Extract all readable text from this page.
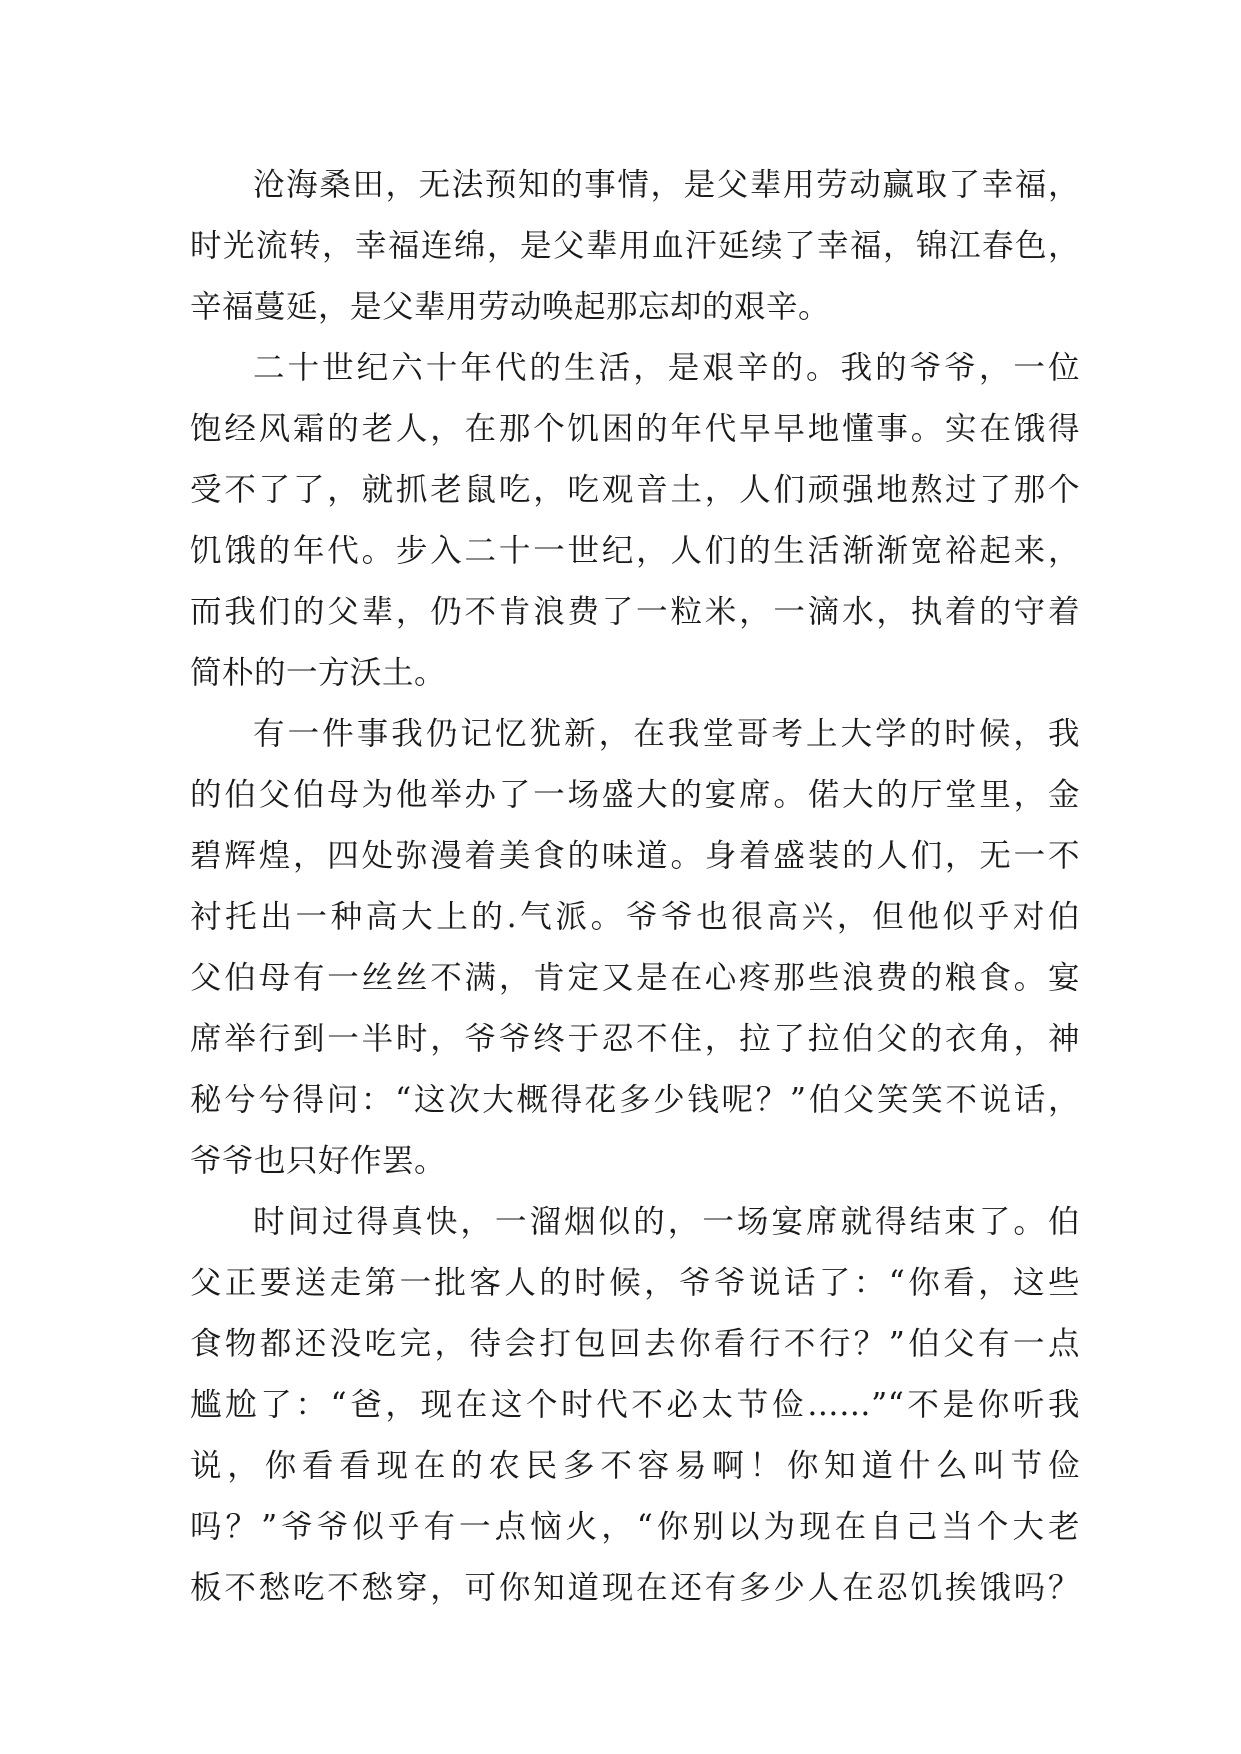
沧海桑田，无法预知的事情，是父辈用劳动赢取了幸福，
时光流转，幸福连绵，是父辈用血汗延续了幸福，锦江春色，
辛福蔓延，是父辈用劳动唤起那忘却的艰辛。
二十世纪六十年代的生活，是艰辛的。我的爷爷，一位
饱经风霜的老人，在那个饥困的年代早早地懂事。实在饿得
受不了了，就抓老鼠吃，吃观音土，人们顽强地熬过了那个
饥饿的年代。步入二十一世纪，人们的生活渐渐宽裕起来，
而我们的父辈，仍不肯浪费了一粒米，一滴水，执着的守着
简朴的一方沃土。
有一件事我仍记忆犹新，在我堂哥考上大学的时候，我
的伯父伯母为他举办了一场盛大的宴席。偌大的厅堂里，金
碧辉煌，四处弥漫着美食的味道。身着盛装的人们，无一不
衬托出一种高大上的.气派。爷爷也很高兴，但他似乎对伯
父伯母有一丝丝不满，肯定又是在心疼那些浪费的粮食。宴
席举行到一半时，爷爷终于忍不住，拉了拉伯父的衣角，神
秘兮兮得问：“这次大概得花多少钱呢？”伯父笑笑不说话，
爷爷也只好作罢。
时间过得真快，一溜烟似的，一场宴席就得结束了。伯
父正要送走第一批客人的时候，爷爷说话了：“你看，这些
食物都还没吃完，待会打包回去你看行不行？”伯父有一点
尴尬了：“爸，现在这个时代不必太节俭……”“不是你听我
说，你看看现在的农民多不容易啊！你知道什么叫节俭
吗？”爷爷似乎有一点恼火，“你别以为现在自己当个大老
板不愁吃不愁穿，可你知道现在还有多少人在忍饥挨饿吗？
